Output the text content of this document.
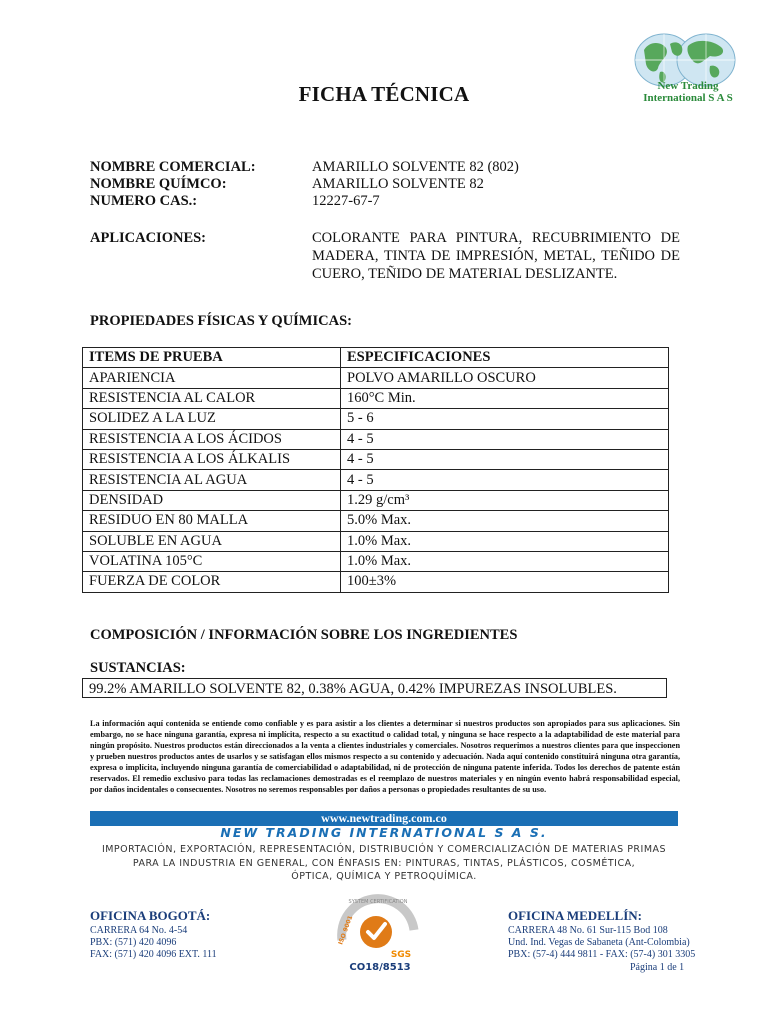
FICHA TÉCNICA	New Trading
International S A S
NOMBRE COMERCIAL:	AMARILLO SOLVENTE 82 (802)
NOMBRE QUÍMCO:	AMARILLO SOLVENTE 82
NUMERO CAS.:	12227-67-7
APLICACIONES:	COLORANTE PARA PINTURA, RECUBRIMIENTO DE MADERA, TINTA DE IMPRESIÓN, METAL, TEÑIDO DE CUERO, TEÑIDO DE MATERIAL DESLIZANTE.
PROPIEDADES FÍSICAS Y QUÍMICAS:
ITEMS DE PRUEBA	ESPECIFICACIONES
APARIENCIA	POLVO AMARILLO OSCURO
RESISTENCIA AL CALOR	160°C Min.
SOLIDEZ A LA LUZ	5 - 6
RESISTENCIA A LOS ÁCIDOS	4 - 5
RESISTENCIA A LOS ÁLKALIS	4 - 5
RESISTENCIA AL AGUA	4 - 5
DENSIDAD	1.29 g/cm³
RESIDUO EN 80 MALLA	5.0% Max.
SOLUBLE EN AGUA	1.0% Max.
VOLATINA 105°C	1.0% Max.
FUERZA DE COLOR	100±3%
COMPOSICIÓN / INFORMACIÓN SOBRE LOS INGREDIENTES
SUSTANCIAS:
99.2% AMARILLO SOLVENTE 82, 0.38% AGUA, 0.42% IMPUREZAS INSOLUBLES.
La información aquí contenida se entiende como confiable y es para asistir a los clientes a determinar si nuestros productos son apropiados para sus aplicaciones. Sin embargo, no se hace ninguna garantía, expresa ni implícita, respecto a su exactitud o calidad total, y ninguna se hace respecto a la adaptabilidad de este material para ningún propósito. Nuestros productos están direccionados a la venta a clientes industriales y comerciales. Nosotros requerimos a nuestros clientes para que inspeccionen y prueben nuestros productos antes de usarlos y se satisfagan ellos mismos respecto a su contenido y adecuación. Nada aquí contenido constituirá ninguna otra garantía, expresa o implícita, incluyendo ninguna garantía de comerciabilidad o adaptabilidad, ni de protección de ninguna patente inferida. Todos los derechos de patente están reservados. El remedio exclusivo para todas las reclamaciones demostradas es el reemplazo de nuestros materiales y en ningún evento habrá responsabilidad especial, por daños incidentales o consecuentes. Nosotros no seremos responsables por daños a personas o propiedades resultantes de su uso.
www.newtrading.com.co
NEW TRADING INTERNATIONAL S A S.
IMPORTACIÓN, EXPORTACIÓN, REPRESENTACIÓN, DISTRIBUCIÓN Y COMERCIALIZACIÓN DE MATERIAS PRIMAS
PARA LA INDUSTRIA EN GENERAL, CON ÉNFASIS EN: PINTURAS, TINTAS, PLÁSTICOS, COSMÉTICA,
ÓPTICA, QUÍMICA Y PETROQUÍMICA.
OFICINA BOGOTÁ:
CARRERA 64 No. 4-54
PBX: (571) 420 4096
FAX: (571) 420 4096 EXT. 111
SYSTEM CERTIFICATION
ISO 9001
SGS
CO18/8513
OFICINA MEDELLÍN:
CARRERA 48 No. 61 Sur-115 Bod 108
Und. Ind. Vegas de Sabaneta (Ant-Colombia)
PBX: (57-4) 444 9811 - FAX: (57-4) 301 3305
Página 1 de 1
